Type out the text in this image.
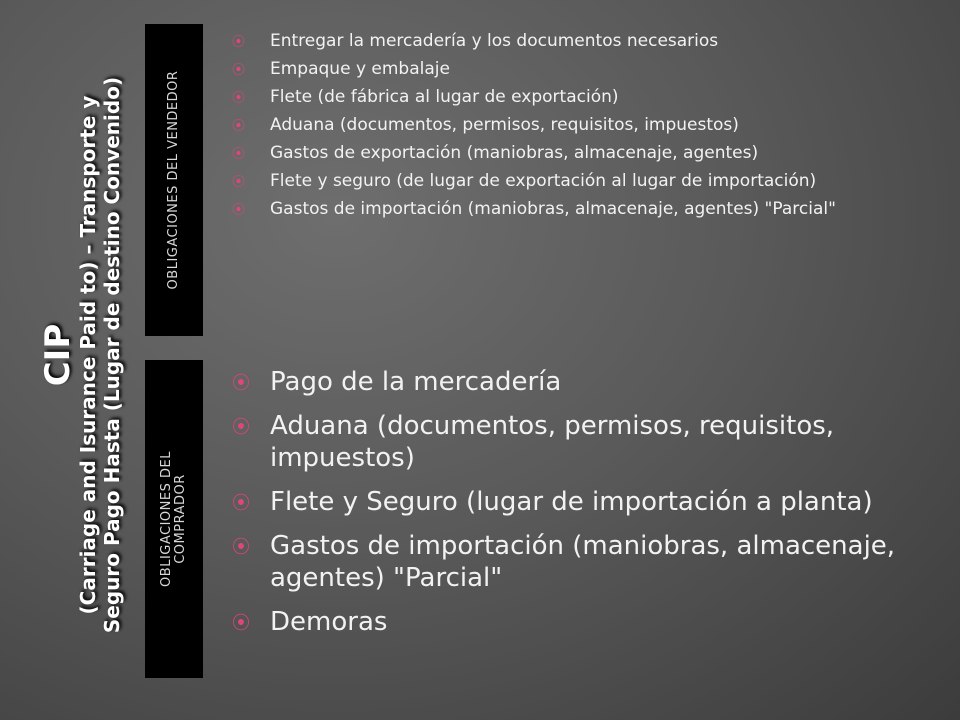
CIP
(Carriage and Isurance Paid to) – Transporte y Seguro Pago Hasta (Lugar de destino Convenido)	OBLIGACIONES DEL VENDEDOR
OBLIGACIONES DEL COMPRADOR
⦿ Entregar la mercadería y los documentos necesarios
⦿ Empaque y embalaje
⦿ Flete (de fábrica al lugar de exportación)
⦿ Aduana (documentos, permisos, requisitos, impuestos)
⦿ Gastos de exportación (maniobras, almacenaje, agentes)
⦿ Flete y seguro (de lugar de exportación al lugar de importación)
⦿ Gastos de importación (maniobras, almacenaje, agentes) "Parcial"
⦿ Pago de la mercadería
⦿ Aduana (documentos, permisos, requisitos, impuestos)
⦿ Flete y Seguro (lugar de importación a planta)
⦿ Gastos de importación (maniobras, almacenaje, agentes) "Parcial"
⦿ Demoras
